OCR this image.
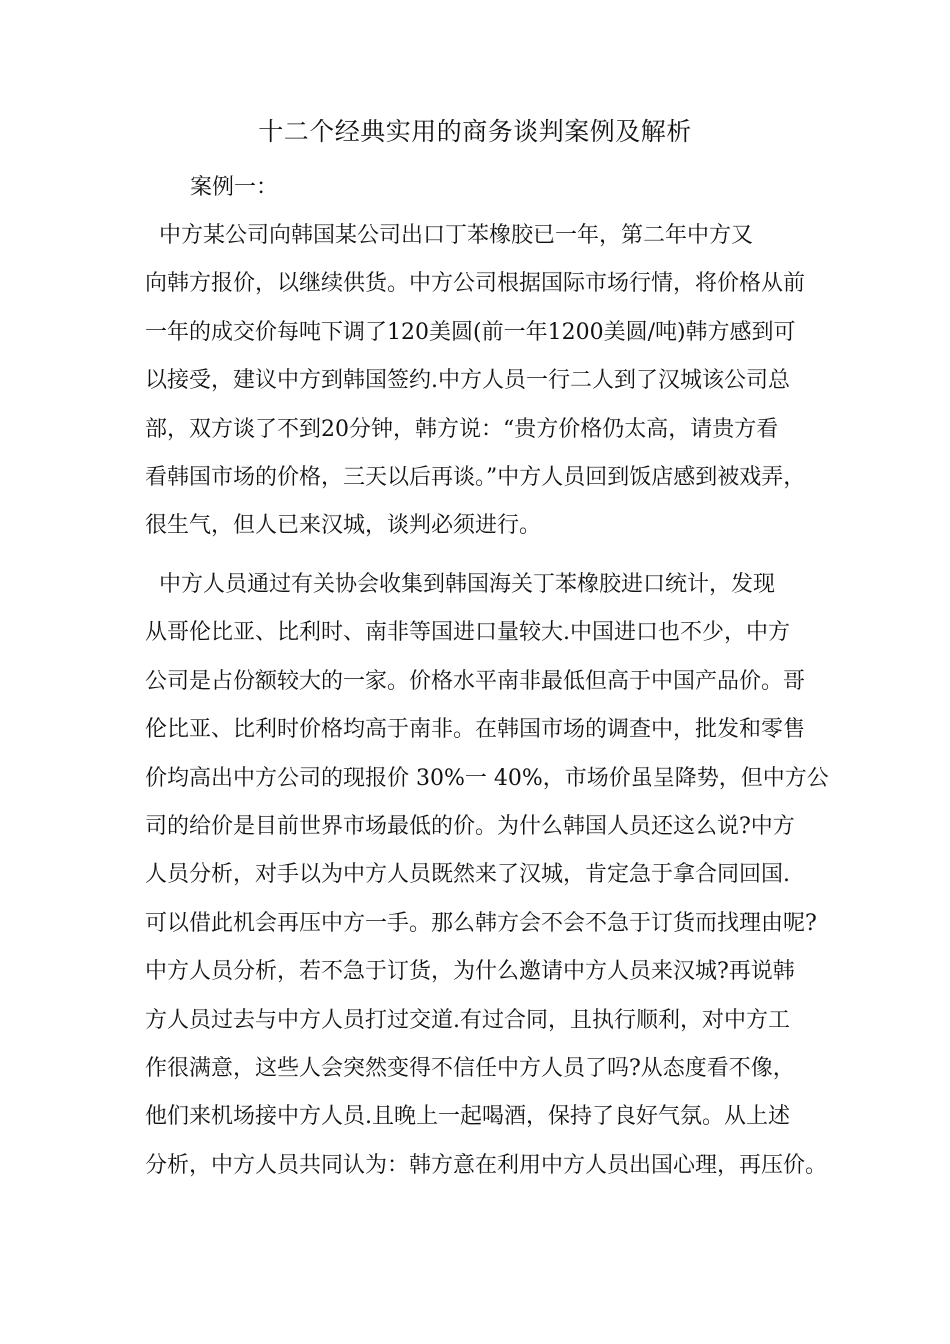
十二个经典实用的商务谈判案例及解析
案例一：
中方某公司向韩国某公司出口丁苯橡胶已一年，第二年中方又
向韩方报价，以继续供货。中方公司根据国际市场行情，将价格从前
一年的成交价每吨下调了120美圆(前一年1200美圆/吨)韩方感到可
以接受，建议中方到韩国签约.中方人员一行二人到了汉城该公司总
部，双方谈了不到20分钟，韩方说：“贵方价格仍太高，请贵方看
看韩国市场的价格，三天以后再谈。”中方人员回到饭店感到被戏弄，
很生气，但人已来汉城，谈判必须进行。
中方人员通过有关协会收集到韩国海关丁苯橡胶进口统计，发现
从哥伦比亚、比利时、南非等国进口量较大.中国进口也不少，中方
公司是占份额较大的一家。价格水平南非最低但高于中国产品价。哥
伦比亚、比利时价格均高于南非。在韩国市场的调查中，批发和零售
价均高出中方公司的现报价 30%一 40%，市场价虽呈降势，但中方公
司的给价是目前世界市场最低的价。为什么韩国人员还这么说?中方
人员分析，对手以为中方人员既然来了汉城，肯定急于拿合同回国.
可以借此机会再压中方一手。那么韩方会不会不急于订货而找理由呢?
中方人员分析，若不急于订货，为什么邀请中方人员来汉城?再说韩
方人员过去与中方人员打过交道.有过合同，且执行顺利，对中方工
作很满意，这些人会突然变得不信任中方人员了吗?从态度看不像，
他们来机场接中方人员.且晚上一起喝酒，保持了良好气氛。从上述
分析，中方人员共同认为：韩方意在利用中方人员出国心理，再压价。
